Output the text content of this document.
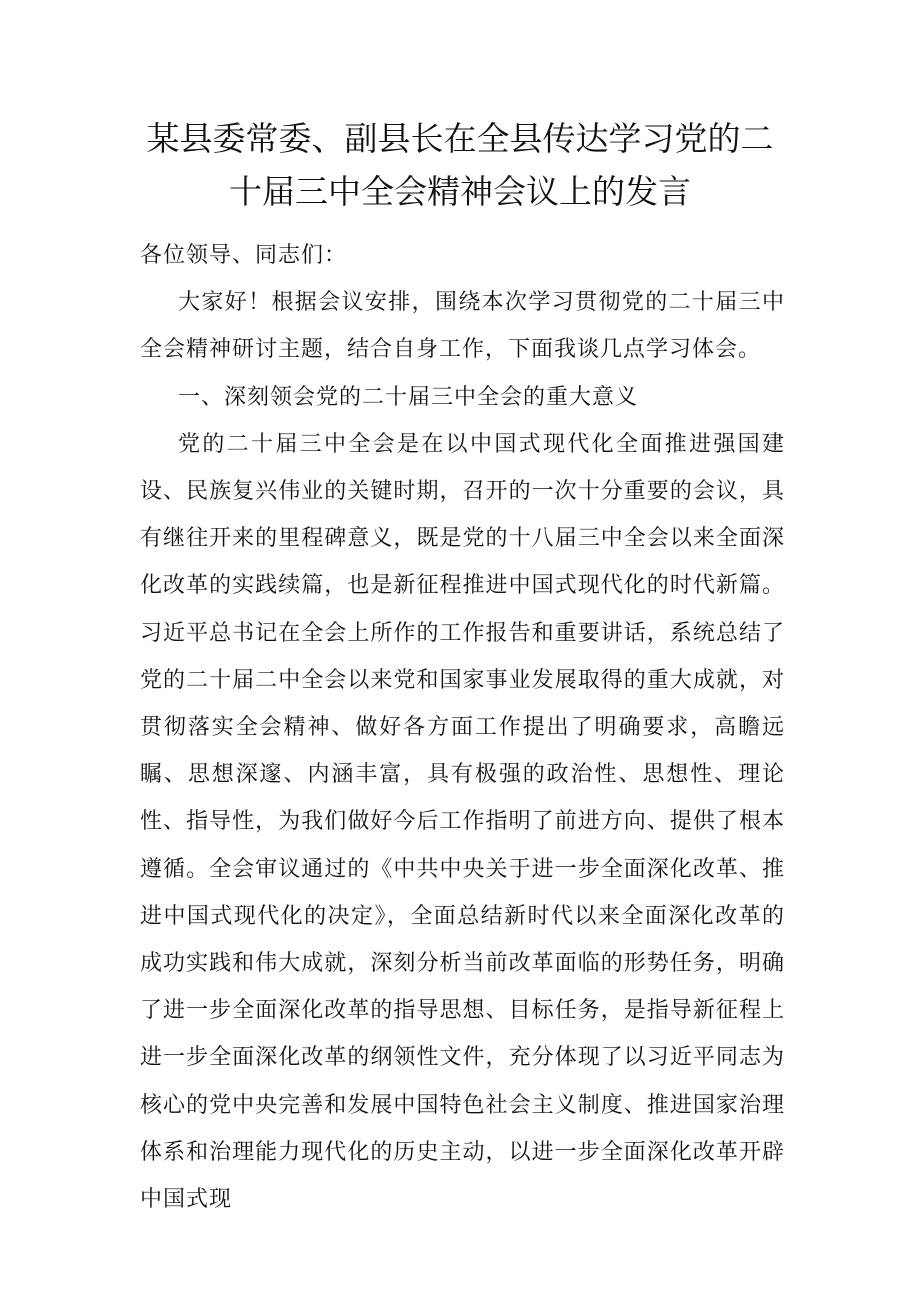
某县委常委、副县长在全县传达学习党的二
十届三中全会精神会议上的发言

各位领导、同志们：

大家好！根据会议安排，围绕本次学习贯彻党的二十届三中全会精神研讨主题，结合自身工作，下面我谈几点学习体会。

一、深刻领会党的二十届三中全会的重大意义

党的二十届三中全会是在以中国式现代化全面推进强国建设、民族复兴伟业的关键时期，召开的一次十分重要的会议，具有继往开来的里程碑意义，既是党的十八届三中全会以来全面深化改革的实践续篇，也是新征程推进中国式现代化的时代新篇。习近平总书记在全会上所作的工作报告和重要讲话，系统总结了党的二十届二中全会以来党和国家事业发展取得的重大成就，对贯彻落实全会精神、做好各方面工作提出了明确要求，高瞻远瞩、思想深邃、内涵丰富，具有极强的政治性、思想性、理论性、指导性，为我们做好今后工作指明了前进方向、提供了根本遵循。全会审议通过的《中共中央关于进一步全面深化改革、推进中国式现代化的决定》，全面总结新时代以来全面深化改革的成功实践和伟大成就，深刻分析当前改革面临的形势任务，明确了进一步全面深化改革的指导思想、目标任务，是指导新征程上进一步全面深化改革的纲领性文件，充分体现了以习近平同志为核心的党中央完善和发展中国特色社会主义制度、推进国家治理体系和治理能力现代化的历史主动，以进一步全面深化改革开辟中国式现
